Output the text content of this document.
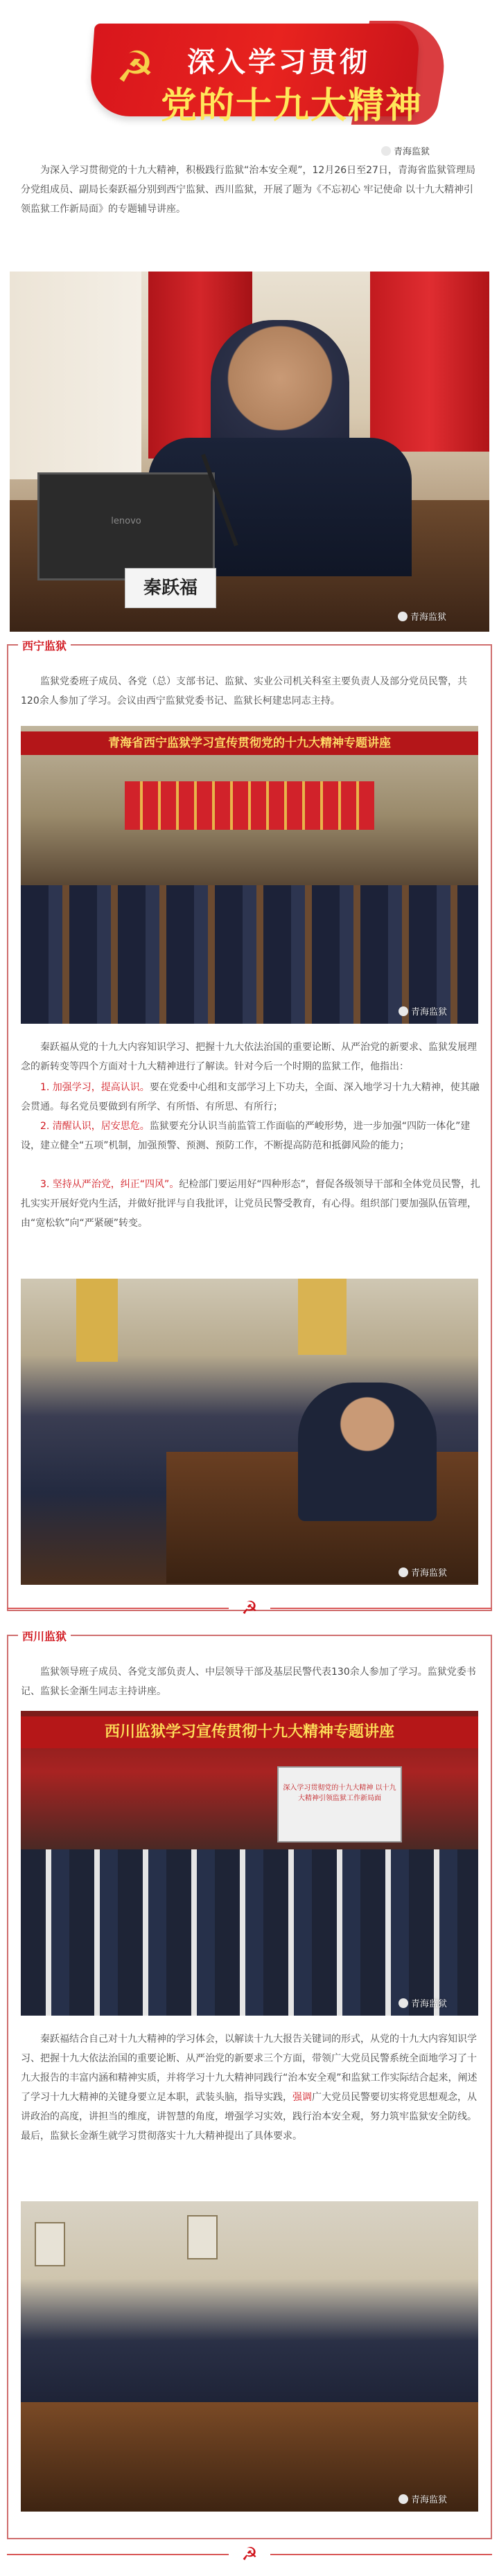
☭ 深入学习贯彻
党的十九大精神
青海监狱

为深入学习贯彻党的十九大精神，积极践行监狱“治本安全观”，12月26日至27日，青海省监狱管理局分党组成员、副局长秦跃福分别到西宁监狱、西川监狱，开展了题为《不忘初心 牢记使命 以十九大精神引领监狱工作新局面》的专题辅导讲座。

lenovo
青海监狱
秦跃福
西宁监狱

监狱党委班子成员、各党（总）支部书记、监狱、实业公司机关科室主要负责人及部分党员民警，共120余人参加了学习。会议由西宁监狱党委书记、监狱长柯建忠同志主持。

青海省西宁监狱学习宣传贯彻党的十九大精神专题讲座
青海监狱

秦跃福从党的十九大内容知识学习、把握十九大依法治国的重要论断、从严治党的新要求、监狱发展理念的新转变等四个方面对十九大精神进行了解读。针对今后一个时期的监狱工作，他指出：

1. 加强学习，提高认识。要在党委中心组和支部学习上下功夫，全面、深入地学习十九大精神，使其融会贯通。每名党员要做到有所学、有所悟、有所思、有所行；

2. 清醒认识，居安思危。监狱要充分认识当前监管工作面临的严峻形势，进一步加强“四防一体化”建设，建立健全“五项”机制，加强预警、预测、预防工作，不断提高防范和抵御风险的能力；

3. 坚持从严治党，纠正“四风”。纪检部门要运用好“四种形态”，督促各级领导干部和全体党员民警，扎扎实实开展好党内生活，并做好批评与自我批评，让党员民警受教育，有心得。组织部门要加强队伍管理，由“宽松软”向“严紧硬”转变。

青海监狱
☭
西川监狱

监狱领导班子成员、各党支部负责人、中层领导干部及基层民警代表130余人参加了学习。监狱党委书记、监狱长金渐生同志主持讲座。

西川监狱学习宣传贯彻十九大精神专题讲座
深入学习贯彻党的十九大精神 以十九大精神引领监狱工作新局面
青海监狱

秦跃福结合自己对十九大精神的学习体会，以解读十九大报告关键词的形式，从党的十九大内容知识学习、把握十九大依法治国的重要论断、从严治党的新要求三个方面，带领广大党员民警系统全面地学习了十九大报告的丰富内涵和精神实质，并将学习十九大精神同践行“治本安全观”和监狱工作实际结合起来，阐述了学习十九大精神的关键身要立足本职，武装头脑，指导实践，强调广大党员民警要切实将党思想观念，从讲政治的高度，讲担当的维度，讲智慧的角度，增强学习实效，践行治本安全观，努力筑牢监狱安全防线。最后，监狱长金渐生就学习贯彻落实十九大精神提出了具体要求。

青海监狱
☭
